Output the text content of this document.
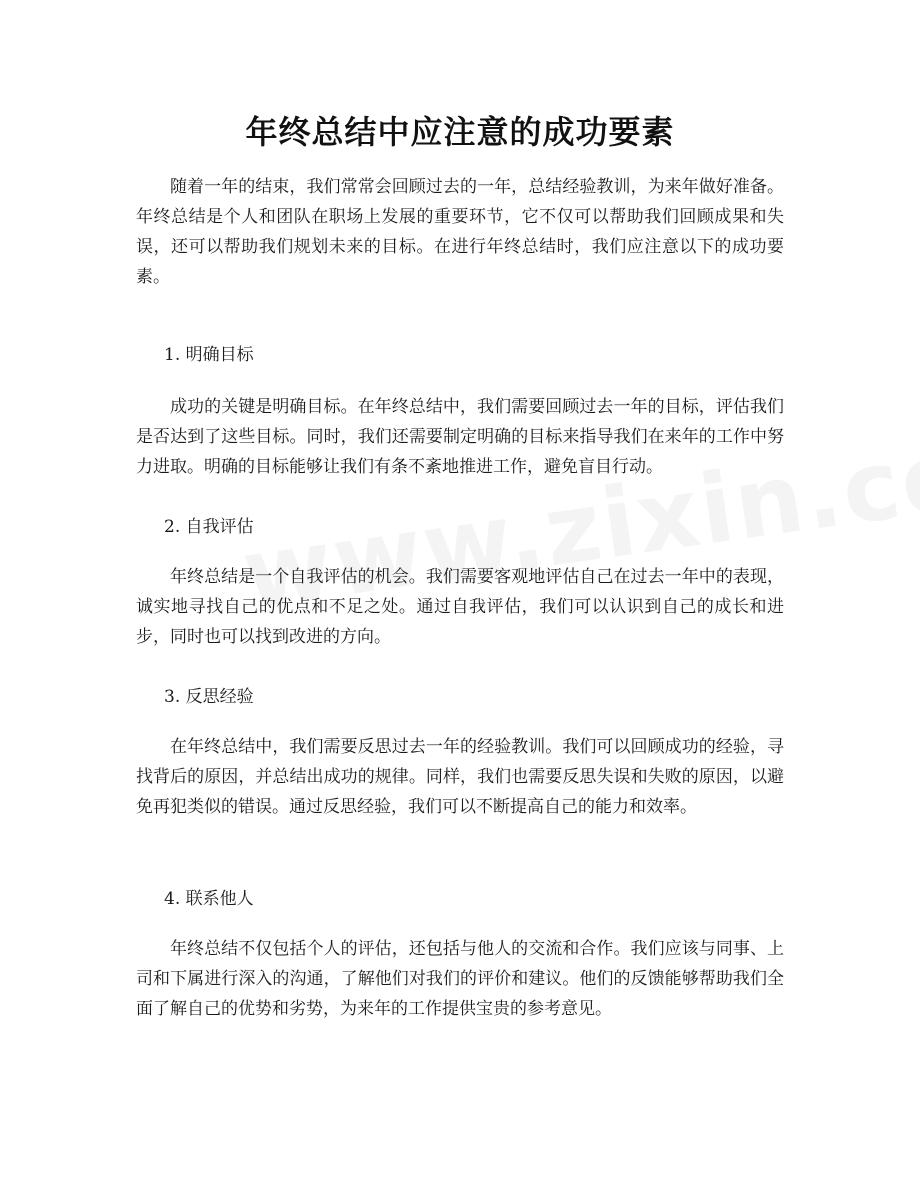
年终总结中应注意的成功要素

随着一年的结束，我们常常会回顾过去的一年，总结经验教训，为来年做好准备。年终总结是个人和团队在职场上发展的重要环节，它不仅可以帮助我们回顾成果和失误，还可以帮助我们规划未来的目标。在进行年终总结时，我们应注意以下的成功要素。

1. 明确目标

成功的关键是明确目标。在年终总结中，我们需要回顾过去一年的目标，评估我们是否达到了这些目标。同时，我们还需要制定明确的目标来指导我们在来年的工作中努力进取。明确的目标能够让我们有条不紊地推进工作，避免盲目行动。

2. 自我评估

年终总结是一个自我评估的机会。我们需要客观地评估自己在过去一年中的表现，诚实地寻找自己的优点和不足之处。通过自我评估，我们可以认识到自己的成长和进步，同时也可以找到改进的方向。

3. 反思经验

在年终总结中，我们需要反思过去一年的经验教训。我们可以回顾成功的经验，寻找背后的原因，并总结出成功的规律。同样，我们也需要反思失误和失败的原因，以避免再犯类似的错误。通过反思经验，我们可以不断提高自己的能力和效率。

4. 联系他人

年终总结不仅包括个人的评估，还包括与他人的交流和合作。我们应该与同事、上司和下属进行深入的沟通，了解他们对我们的评价和建议。他们的反馈能够帮助我们全面了解自己的优势和劣势，为来年的工作提供宝贵的参考意见。
